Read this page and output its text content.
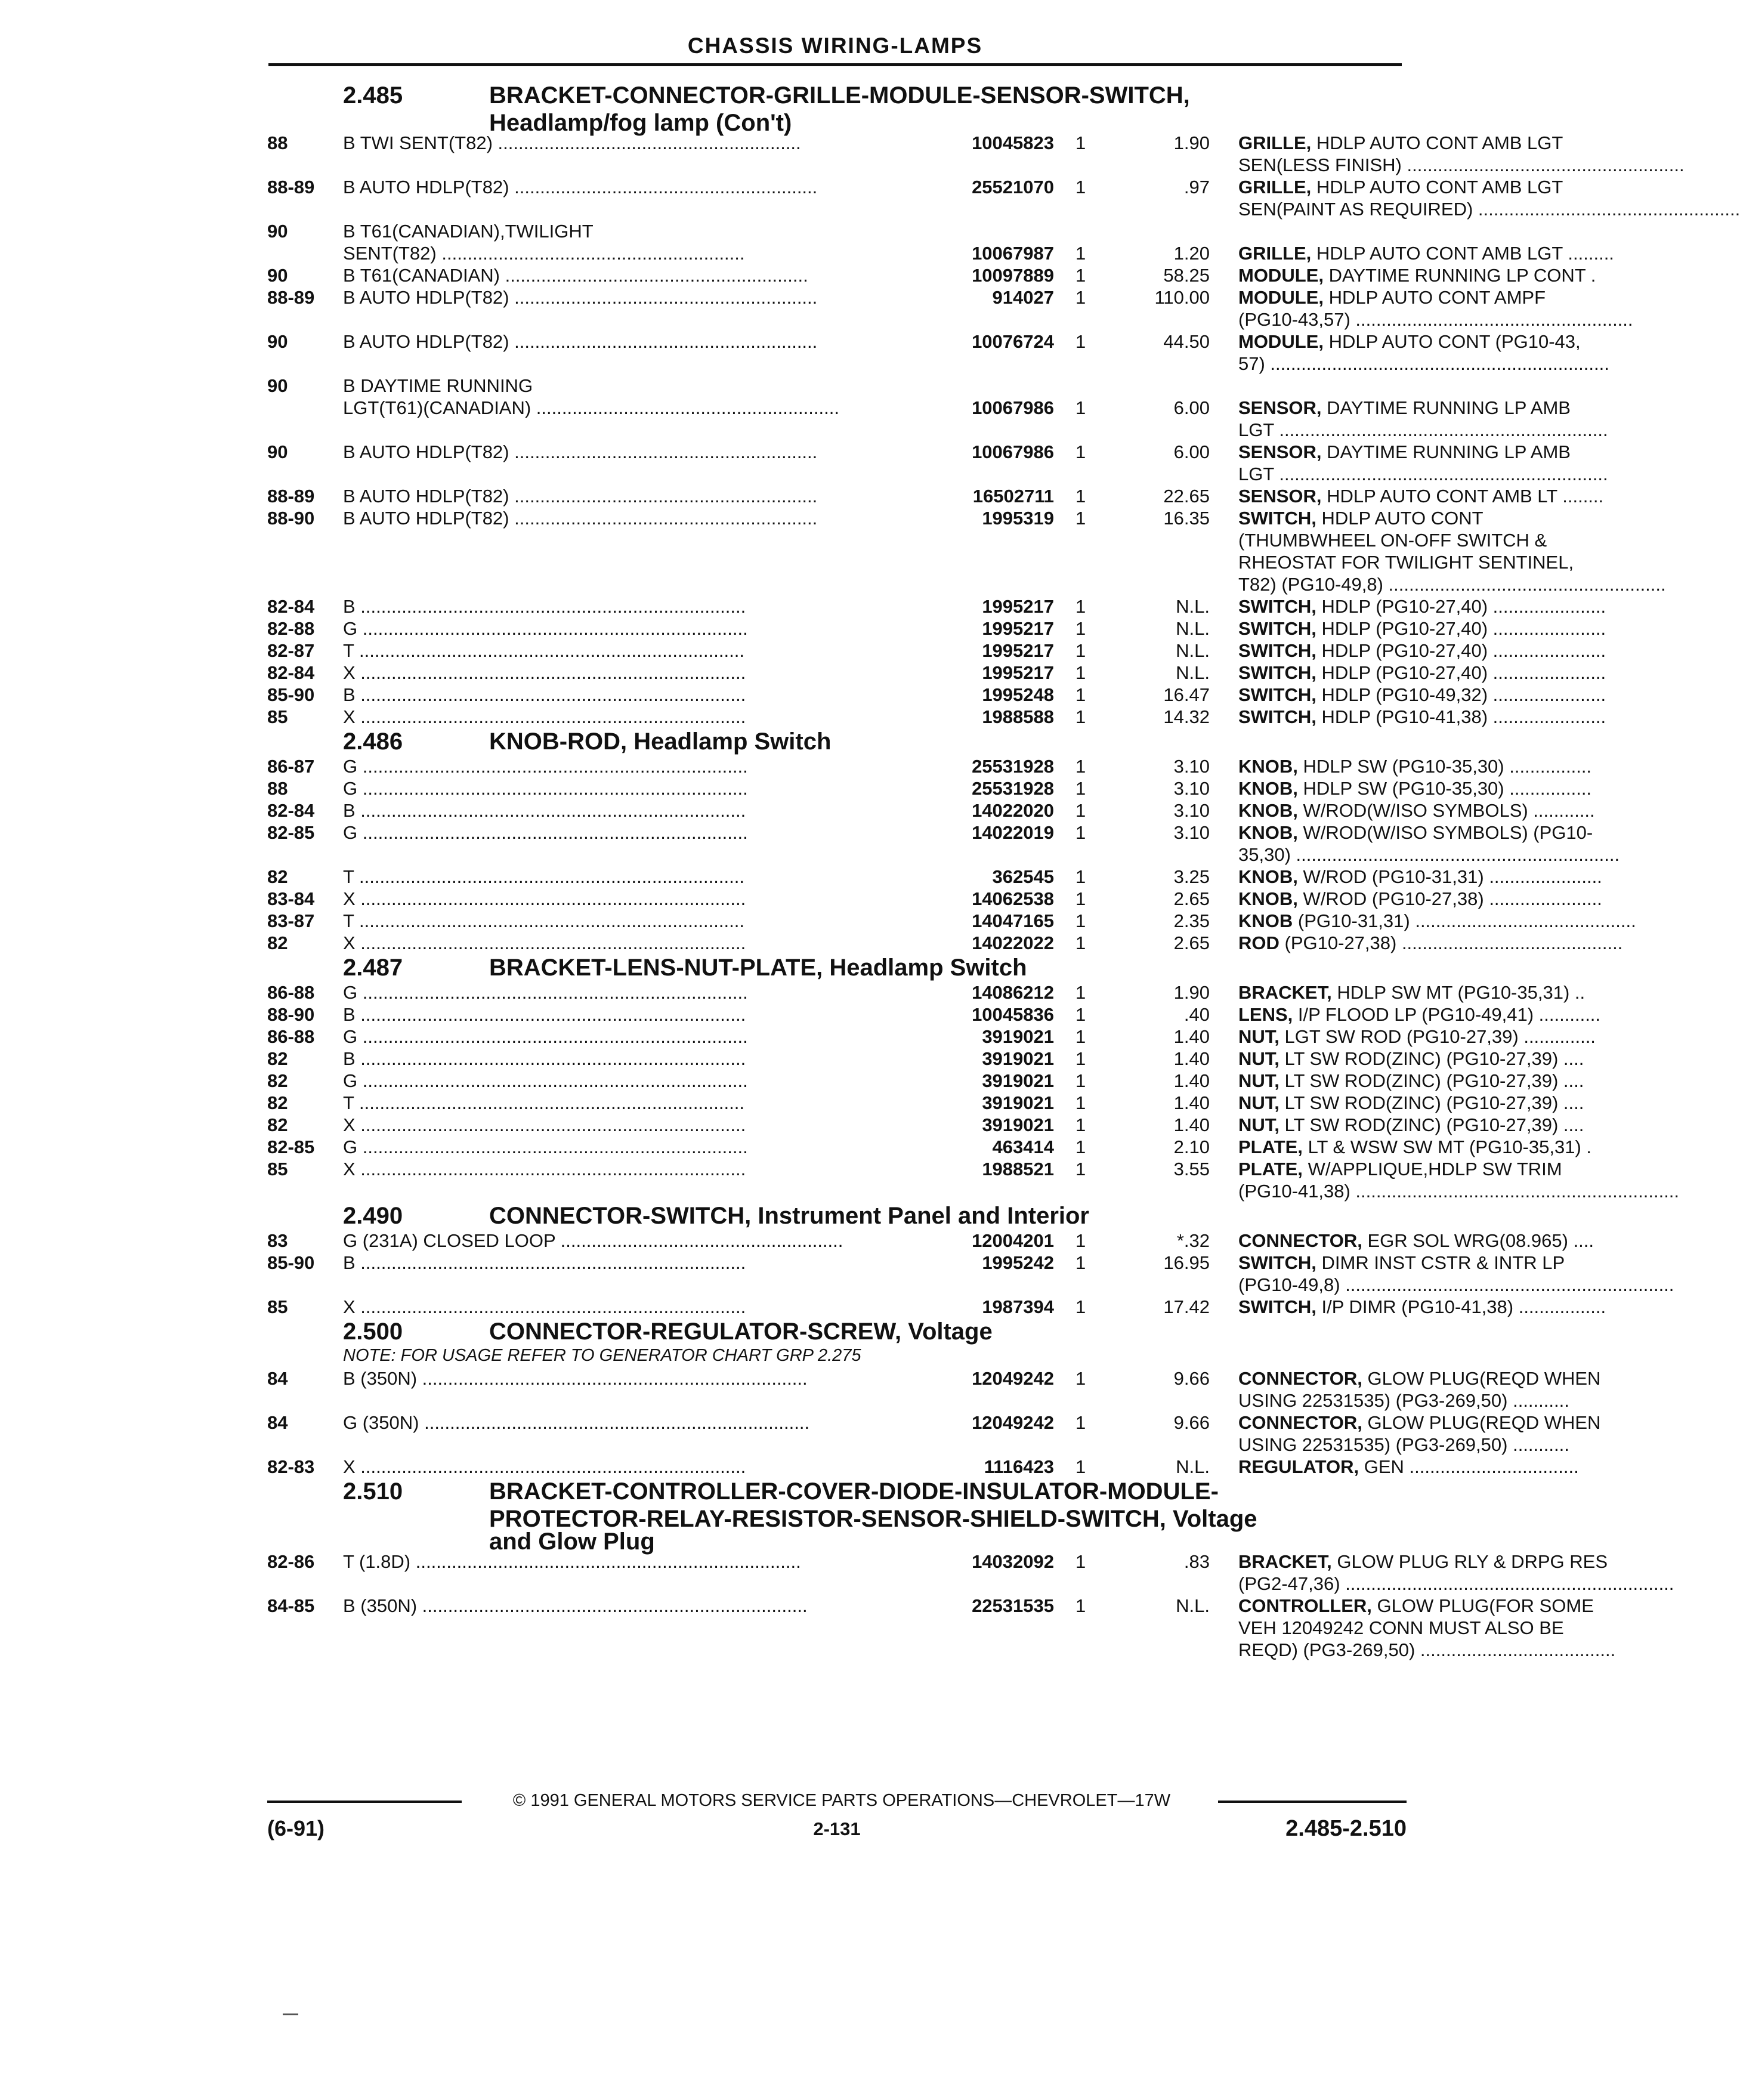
CHASSIS WIRING-LAMPS
2.485	BRACKET-CONNECTOR-GRILLE-MODULE-SENSOR-SWITCH,
Headlamp/fog lamp (Con't)
88	B TWI SENT(T82) ...........................................................	10045823 1	1.90 GRILLE, HDLP AUTO CONT AMB LGT
SEN(LESS FINISH) ......................................................
88-89 B AUTO HDLP(T82) ...........................................................	25521070 1	.97 GRILLE, HDLP AUTO CONT AMB LGT
SEN(PAINT AS REQUIRED) ...................................................
90	B T61(CANADIAN),TWILIGHT
SENT(T82) ...........................................................	10067987 1	1.20 GRILLE, HDLP AUTO CONT AMB LGT .........
90	B T61(CANADIAN) ...........................................................	10097889 1	58.25 MODULE, DAYTIME RUNNING LP CONT .
88-89 B AUTO HDLP(T82) ...........................................................	914027 1	110.00 MODULE, HDLP AUTO CONT AMPF
(PG10-43,57) ......................................................
90	B AUTO HDLP(T82) ...........................................................	10076724 1	44.50 MODULE, HDLP AUTO CONT (PG10-43,
57) ..................................................................
90	B DAYTIME RUNNING
LGT(T61)(CANADIAN) ...........................................................	10067986 1	6.00 SENSOR, DAYTIME RUNNING LP AMB
LGT ................................................................
90	B AUTO HDLP(T82) ...........................................................	10067986 1	6.00 SENSOR, DAYTIME RUNNING LP AMB
LGT ................................................................
88-89 B AUTO HDLP(T82) ...........................................................	16502711 1	22.65 SENSOR, HDLP AUTO CONT AMB LT ........
88-90 B AUTO HDLP(T82) ...........................................................	1995319 1	16.35 SWITCH, HDLP AUTO CONT
(THUMBWHEEL ON-OFF SWITCH &
RHEOSTAT FOR TWILIGHT SENTINEL,
T82) (PG10-49,8) ......................................................
82-84 B ...........................................................................	1995217 1	N.L. SWITCH, HDLP (PG10-27,40) ......................
82-88 G ...........................................................................	1995217 1	N.L. SWITCH, HDLP (PG10-27,40) ......................
82-87 T ...........................................................................	1995217 1	N.L. SWITCH, HDLP (PG10-27,40) ......................
82-84 X ...........................................................................	1995217 1	N.L. SWITCH, HDLP (PG10-27,40) ......................
85-90 B ...........................................................................	1995248 1	16.47 SWITCH, HDLP (PG10-49,32) ......................
85	X ...........................................................................	1988588 1	14.32 SWITCH, HDLP (PG10-41,38) ......................
2.486	KNOB-ROD, Headlamp Switch
86-87 G ...........................................................................	25531928 1	3.10 KNOB, HDLP SW (PG10-35,30) ................
88	G ...........................................................................	25531928 1	3.10 KNOB, HDLP SW (PG10-35,30) ................
82-84 B ...........................................................................	14022020 1	3.10 KNOB, W/ROD(W/ISO SYMBOLS) ............
82-85 G ...........................................................................	14022019 1	3.10 KNOB, W/ROD(W/ISO SYMBOLS) (PG10-
35,30) ...............................................................
82	T ...........................................................................	362545 1	3.25 KNOB, W/ROD (PG10-31,31) ......................
83-84 X ...........................................................................	14062538 1	2.65 KNOB, W/ROD (PG10-27,38) ......................
83-87 T ...........................................................................	14047165 1	2.35 KNOB (PG10-31,31) ...........................................
82	X ...........................................................................	14022022 1	2.65 ROD (PG10-27,38) ...........................................
2.487	BRACKET-LENS-NUT-PLATE, Headlamp Switch
86-88 G ...........................................................................	14086212 1	1.90 BRACKET, HDLP SW MT (PG10-35,31) ..
88-90 B ...........................................................................	10045836 1	.40 LENS, I/P FLOOD LP (PG10-49,41) ............
86-88 G ...........................................................................	3919021 1	1.40 NUT, LGT SW ROD (PG10-27,39) ..............
82	B ...........................................................................	3919021 1	1.40 NUT, LT SW ROD(ZINC) (PG10-27,39) ....
82	G ...........................................................................	3919021 1	1.40 NUT, LT SW ROD(ZINC) (PG10-27,39) ....
82	T ...........................................................................	3919021 1	1.40 NUT, LT SW ROD(ZINC) (PG10-27,39) ....
82	X ...........................................................................	3919021 1	1.40 NUT, LT SW ROD(ZINC) (PG10-27,39) ....
82-85 G ...........................................................................	463414 1	2.10 PLATE, LT & WSW SW MT (PG10-35,31) .
85	X ...........................................................................	1988521 1	3.55 PLATE, W/APPLIQUE,HDLP SW TRIM
(PG10-41,38) ...............................................................
2.490	CONNECTOR-SWITCH, Instrument Panel and Interior
83	G (231A) CLOSED LOOP .......................................................	12004201 1	*.32 CONNECTOR, EGR SOL WRG(08.965) ....
85-90 B ...........................................................................	1995242 1	16.95 SWITCH, DIMR INST CSTR & INTR LP
(PG10-49,8) ................................................................
85	X ...........................................................................	1987394 1	17.42 SWITCH, I/P DIMR (PG10-41,38) .................
2.500	CONNECTOR-REGULATOR-SCREW, Voltage
NOTE: FOR USAGE REFER TO GENERATOR CHART GRP 2.275
84	B (350N) ...........................................................................	12049242 1	9.66 CONNECTOR, GLOW PLUG(REQD WHEN
USING 22531535) (PG3-269,50) ...........
84	G (350N) ...........................................................................	12049242 1	9.66 CONNECTOR, GLOW PLUG(REQD WHEN
USING 22531535) (PG3-269,50) ...........
82-83 X ...........................................................................	1116423 1	N.L. REGULATOR, GEN .................................
2.510	BRACKET-CONTROLLER-COVER-DIODE-INSULATOR-MODULE-
PROTECTOR-RELAY-RESISTOR-SENSOR-SHIELD-SWITCH, Voltage
and Glow Plug
82-86 T (1.8D) ...........................................................................	14032092 1	.83 BRACKET, GLOW PLUG RLY & DRPG RES
(PG2-47,36) ................................................................
84-85 B (350N) ...........................................................................	22531535 1	N.L. CONTROLLER, GLOW PLUG(FOR SOME
VEH 12049242 CONN MUST ALSO BE
REQD) (PG3-269,50) ......................................
© 1991 GENERAL MOTORS SERVICE PARTS OPERATIONS—CHEVROLET—17W
(6-91)	2-131	2.485-2.510
